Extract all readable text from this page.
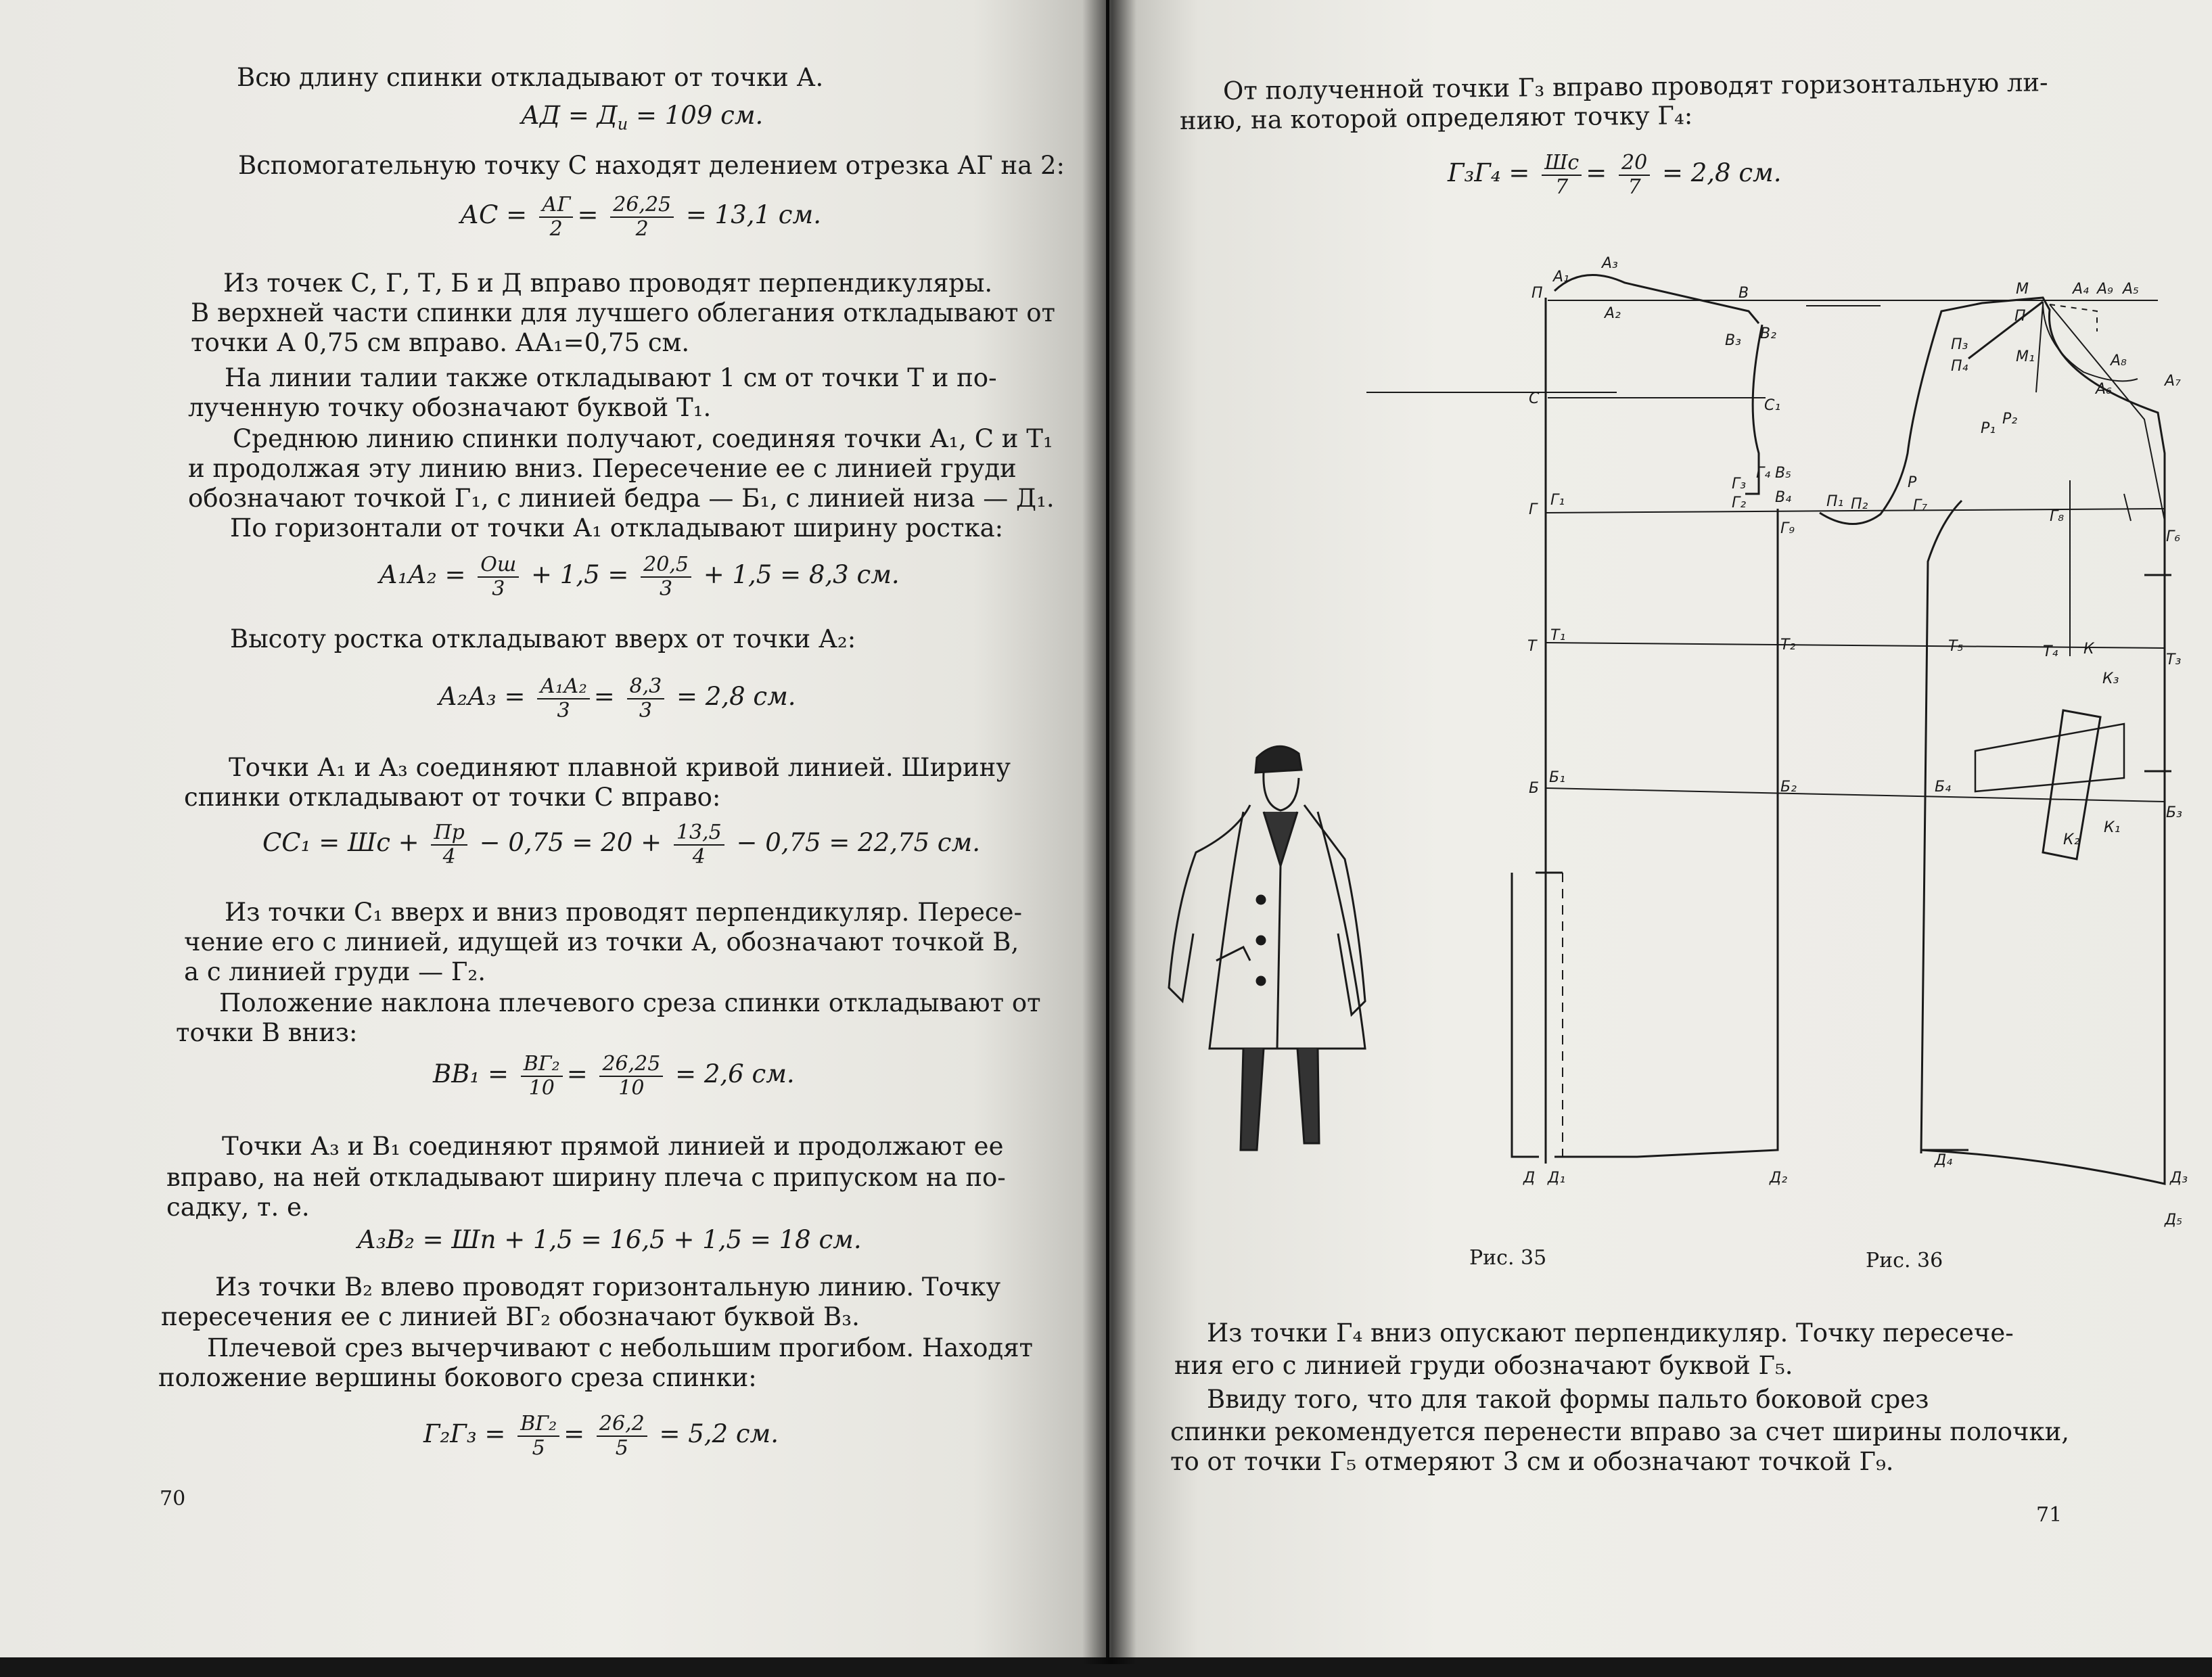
Всю длину спинки откладывают от точки А.
АД = $Д_и = 109$ см.
Вспомогательную точку С находят делением отрезка АГ на 2:
АС = $\frac{АГ}{2} = \frac{26,25}{2} = 13,1$ см.
Из точек С, Г, Т, Б и Д вправо проводят перпендикуляры.
В верхней части спинки для лучшего облегания откладывают от
точки А 0,75 см вправо. АА₁=0,75 см.
На линии талии также откладывают 1 см от точки Т и по-
лученную точку обозначают буквой Т₁.
Среднюю линию спинки получают, соединяя точки А₁, С и Т₁
и продолжая эту линию вниз. Пересечение ее с линией груди
обозначают точкой Г₁, с линией бедра — Б₁, с линией низа — Д₁.
По горизонтали от точки А₁ откладывают ширину ростка:
$А_1А_2 = \frac{Ош}{3} + 1,5 = \frac{20,5}{3} + 1,5 = 8,3$ см.
Высоту ростка откладывают вверх от точки А₂:
$А_2А_3 = \frac{\text{А₁А₂}}{3} = \frac{8,3}{3} = 2,8$ см.
Точки А₁ и А₃ соединяют плавной кривой линией. Ширину
спинки откладывают от точки С вправо:
СС₁ = Шс + $\frac{Пр}{4} - 0,75 = 20 + \frac{13,5}{4} - 0,75 = 22,75$ см.
Из точки С₁ вверх и вниз проводят перпендикуляр. Пересе-
чение его с линией, идущей из точки А, обозначают точкой В,
а с линией груди — Г₂.
Положение наклона плечевого среза спинки откладывают от
точки В вниз:
$ВВ_1 = \frac{\text{ВГ₂}}{10} = \frac{26,25}{10} = 2,6$ см.
Точки А₃ и В₁ соединяют прямой линией и продолжают ее
вправо, на ней откладывают ширину плеча с припуском на по-
садку, т. е.
А₃В₂ = Шп + 1,5 = 16,5 + 1,5 = 18 см.
Из точки В₂ влево проводят горизонтальную линию. Точку
пересечения ее с линией ВГ₂ обозначают буквой В₃.
Плечевой срез вычерчивают с небольшим прогибом. Находят
положение вершины бокового среза спинки:
$Г_2Г_3 = \frac{\text{ВГ₂}}{5} = \frac{26,2}{5} = 5,2$ см.
70
От полученной точки Г₃ вправо проводят горизонтальную ли-
нию, на которой определяют точку Г₄:
$Г_3Г_4 = \frac{Шс}{7} = \frac{20}{7} = 2,8$ см.
П
А₁
А₃
А₂
В
В₃ В₂
С	С₁
Г₃
Г₄ В₅
Г₂ В₄
Г
Г₁
Г₉
П₁ П₂
Р
Г₇
Г₈
Г₆
Т
Т₁
Т₂	Т₅	Т₄ К
Т₃
К₃
Б
Б₁
Б₂	Б₄
Б₃
К₂
К₁
Д Д₁	Д₂
Д₄
Д₃
Д₅
М
П₃
П₄
М₁
Р₁
Р₂
П
А₄ А₉ А₅
А₈
А₆	А₇
Рис. 35	Рис. 36
Из точки Г₄ вниз опускают перпендикуляр. Точку пересече-
ния его с линией груди обозначают буквой Г₅.
Ввиду того, что для такой формы пальто боковой срез
спинки рекомендуется перенести вправо за счет ширины полочки,
то от точки Г₅ отмеряют 3 см и обозначают точкой Г₉.
71
